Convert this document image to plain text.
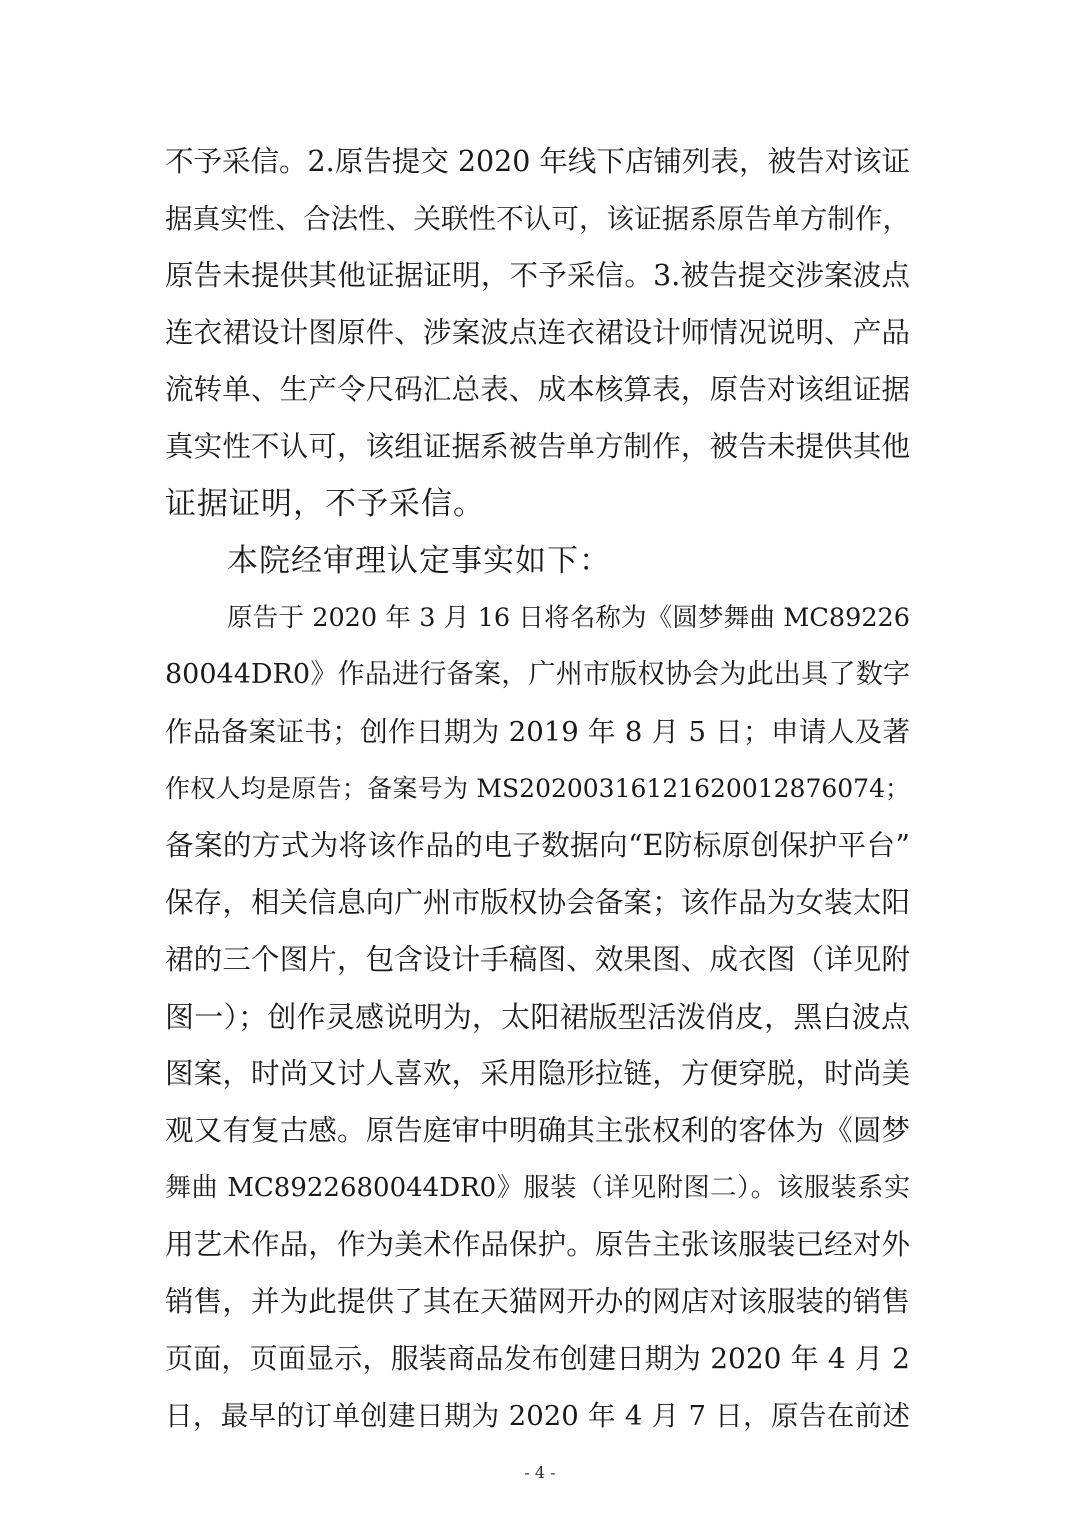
不予采信。2.原告提交 2020 年线下店铺列表，被告对该证
据真实性、合法性、关联性不认可，该证据系原告单方制作，
原告未提供其他证据证明，不予采信。3.被告提交涉案波点
连衣裙设计图原件、涉案波点连衣裙设计师情况说明、产品
流转单、生产令尺码汇总表、成本核算表，原告对该组证据
真实性不认可，该组证据系被告单方制作，被告未提供其他
证据证明，不予采信。
本院经审理认定事实如下：
原告于 2020 年 3 月 16 日将名称为《圆梦舞曲 MC89226
80044DR0》作品进行备案，广州市版权协会为此出具了数字
作品备案证书；创作日期为 2019 年 8 月 5 日；申请人及著
作权人均是原告；备案号为 MS2020031612162001287607​4；
备案的方式为将该作品的电子数据向“E防标原创保护平台”
保存，相关信息向广州市版权协会备案；该作品为女装太阳
裙的三个图片，包含设计手稿图、效果图、成衣图（详见附
图一）；创作灵感说明为，太阳裙版型活泼俏皮，黑白波点
图案，时尚又讨人喜欢，采用隐形拉链，方便穿脱，时尚美
观又有复古感。原告庭审中明确其主张权利的客体为《圆梦
舞曲 MC8922680044DR0》服装（详见附图二）。该服装系实
用艺术作品，作为美术作品保护。原告主张该服装已经对外
销售，并为此提供了其在天猫网开办的网店对该服装的销售
页面，页面显示，服装商品发布创建日期为 2020 年 4 月 2
日，最早的订单创建日期为 2020 年 4 月 7 日，原告在前述
- 4 -
